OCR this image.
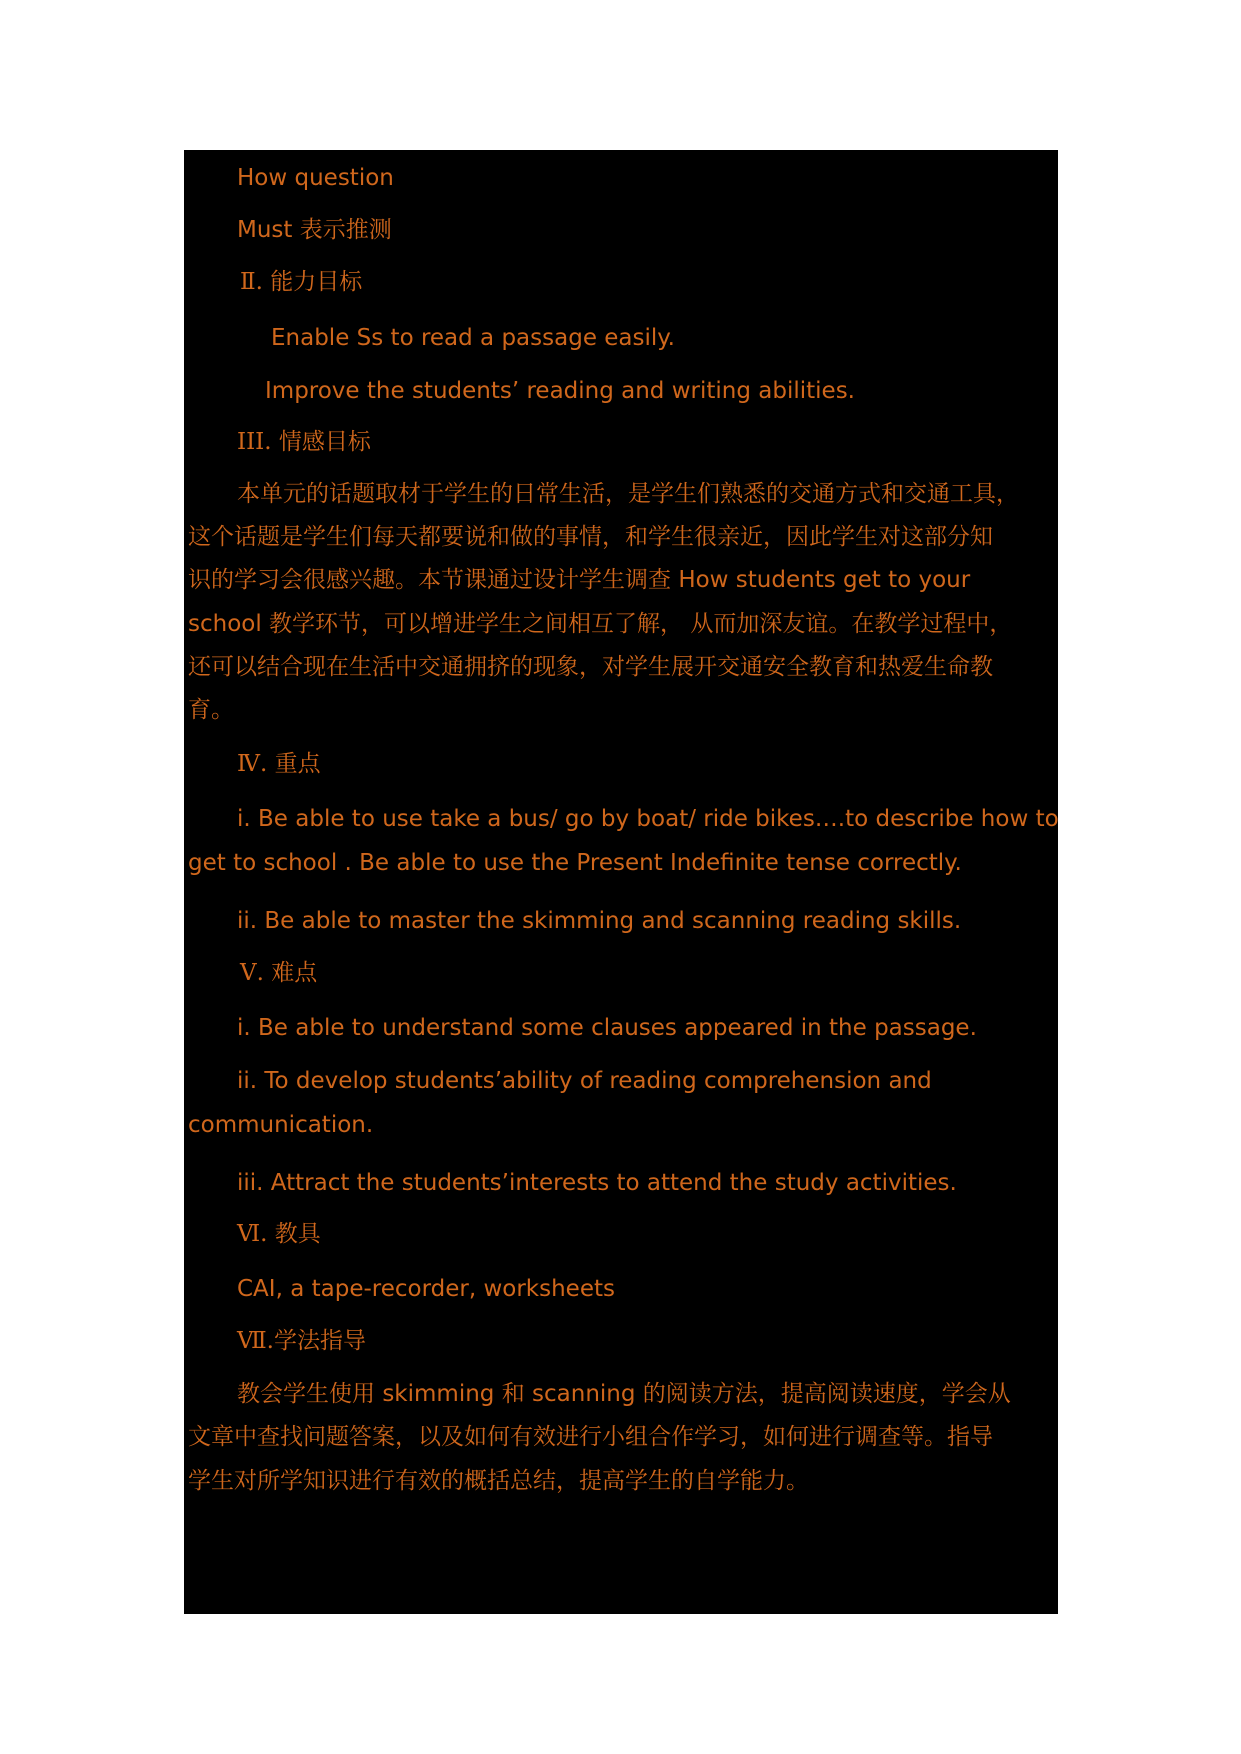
How question

Must 表示推测

Ⅱ. 能力目标

Enable Ss to read a passage easily.

Improve the students’ reading and writing abilities.

III. 情感目标

本单元的话题取材于学生的日常生活，是学生们熟悉的交通方式和交通工具，

这个话题是学生们每天都要说和做的事情，和学生很亲近，因此学生对这部分知

识的学习会很感兴趣。本节课通过设计学生调查 How students get to your

school 教学环节，可以增进学生之间相互了解， 从而加深友谊。在教学过程中，

还可以结合现在生活中交通拥挤的现象，对学生展开交通安全教育和热爱生命教

育。

Ⅳ. 重点

i. Be able to use take a bus/ go by boat/ ride bikes….to describe how to

get to school . Be able to use the Present Indefinite tense correctly.

ii. Be able to master the skimming and scanning reading skills.

Ⅴ. 难点

i. Be able to understand some clauses appeared in the passage.

ii. To develop students’ability of reading comprehension and

communication.

iii. Attract the students’interests to attend the study activities.

Ⅵ. 教具

CAI, a tape-recorder, worksheets

Ⅶ.学法指导

教会学生使用 skimming 和 scanning 的阅读方法，提高阅读速度，学会从

文章中查找问题答案，以及如何有效进行小组合作学习，如何进行调查等。指导

学生对所学知识进行有效的概括总结，提高学生的自学能力。
